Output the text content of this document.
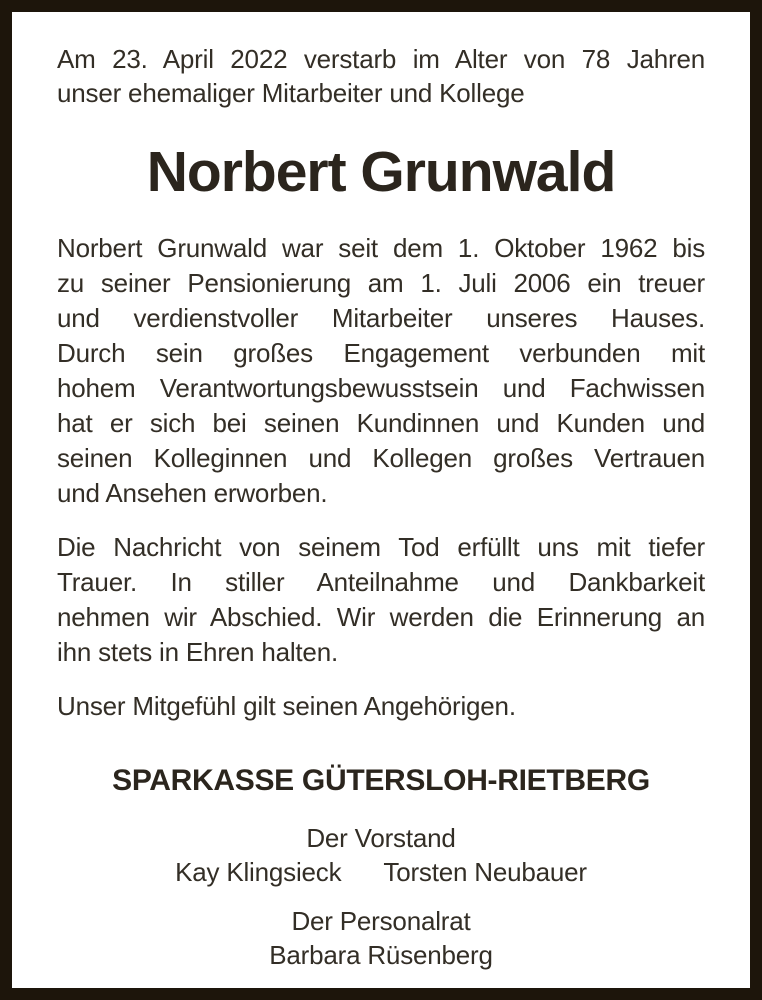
Am 23. April 2022 verstarb im Alter von 78 Jahren
unser ehemaliger Mitarbeiter und Kollege
Norbert Grunwald
Norbert Grunwald war seit dem 1. Oktober 1962 bis
zu seiner Pensionierung am 1. Juli 2006 ein treuer
und verdienstvoller Mitarbeiter unseres Hauses.
Durch sein großes Engagement verbunden mit
hohem Verantwortungsbewusstsein und Fachwissen
hat er sich bei seinen Kundinnen und Kunden und
seinen Kolleginnen und Kollegen großes Vertrauen
und Ansehen erworben.
Die Nachricht von seinem Tod erfüllt uns mit tiefer
Trauer. In stiller Anteilnahme und Dankbarkeit
nehmen wir Abschied. Wir werden die Erinnerung an
ihn stets in Ehren halten.
Unser Mitgefühl gilt seinen Angehörigen.
SPARKASSE GÜTERSLOH-RIETBERG
Der Vorstand
Kay Klingsieck Torsten Neubauer
Der Personalrat
Barbara Rüsenberg
